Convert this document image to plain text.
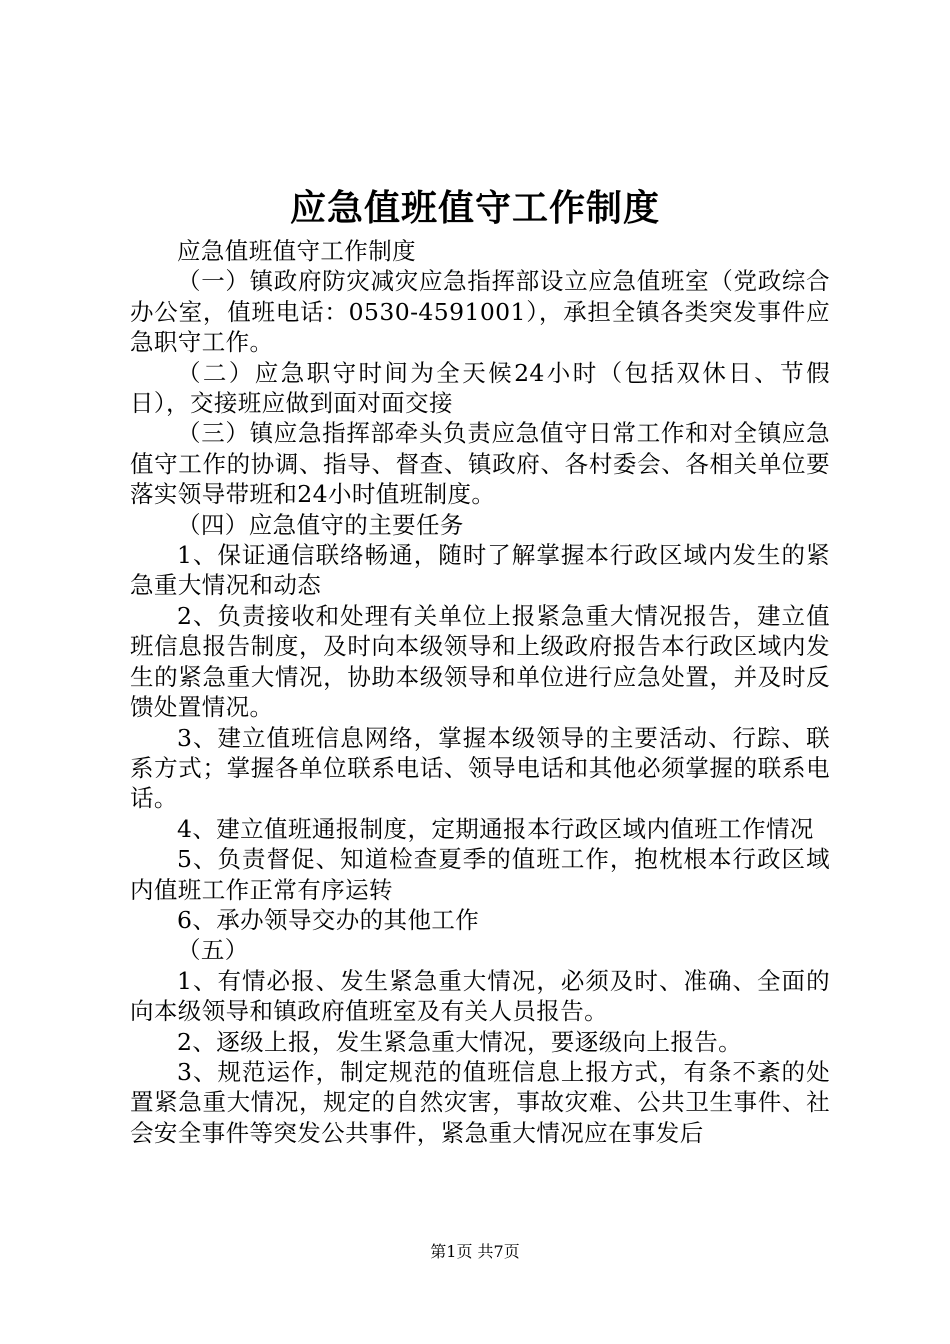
应急值班值守工作制度

应急值班值守工作制度

（一）镇政府防灾减灾应急指挥部设立应急值班室（党政综合办公室，值班电话：0530-4591001），承担全镇各类突发事件应急职守工作。

（二）应急职守时间为全天候24小时（包括双休日、节假日），交接班应做到面对面交接

（三）镇应急指挥部牵头负责应急值守日常工作和对全镇应急值守工作的协调、指导、督查、镇政府、各村委会、各相关单位要落实领导带班和24小时值班制度。

（四）应急值守的主要任务

1、保证通信联络畅通，随时了解掌握本行政区域内发生的紧急重大情况和动态

2、负责接收和处理有关单位上报紧急重大情况报告，建立值班信息报告制度，及时向本级领导和上级政府报告本行政区域内发生的紧急重大情况，协助本级领导和单位进行应急处置，并及时反馈处置情况。

3、建立值班信息网络，掌握本级领导的主要活动、行踪、联系方式；掌握各单位联系电话、领导电话和其他必须掌握的联系电话。

4、建立值班通报制度，定期通报本行政区域内值班工作情况

5、负责督促、知道检查夏季的值班工作，抱枕根本行政区域内值班工作正常有序运转

6、承办领导交办的其他工作

（五）

1、有情必报、发生紧急重大情况，必须及时、准确、全面的向本级领导和镇政府值班室及有关人员报告。

2、逐级上报，发生紧急重大情况，要逐级向上报告。

3、规范运作，制定规范的值班信息上报方式，有条不紊的处置紧急重大情况，规定的自然灾害，事故灾难、公共卫生事件、社会安全事件等突发公共事件，紧急重大情况应在事发后

第1页 共7页
